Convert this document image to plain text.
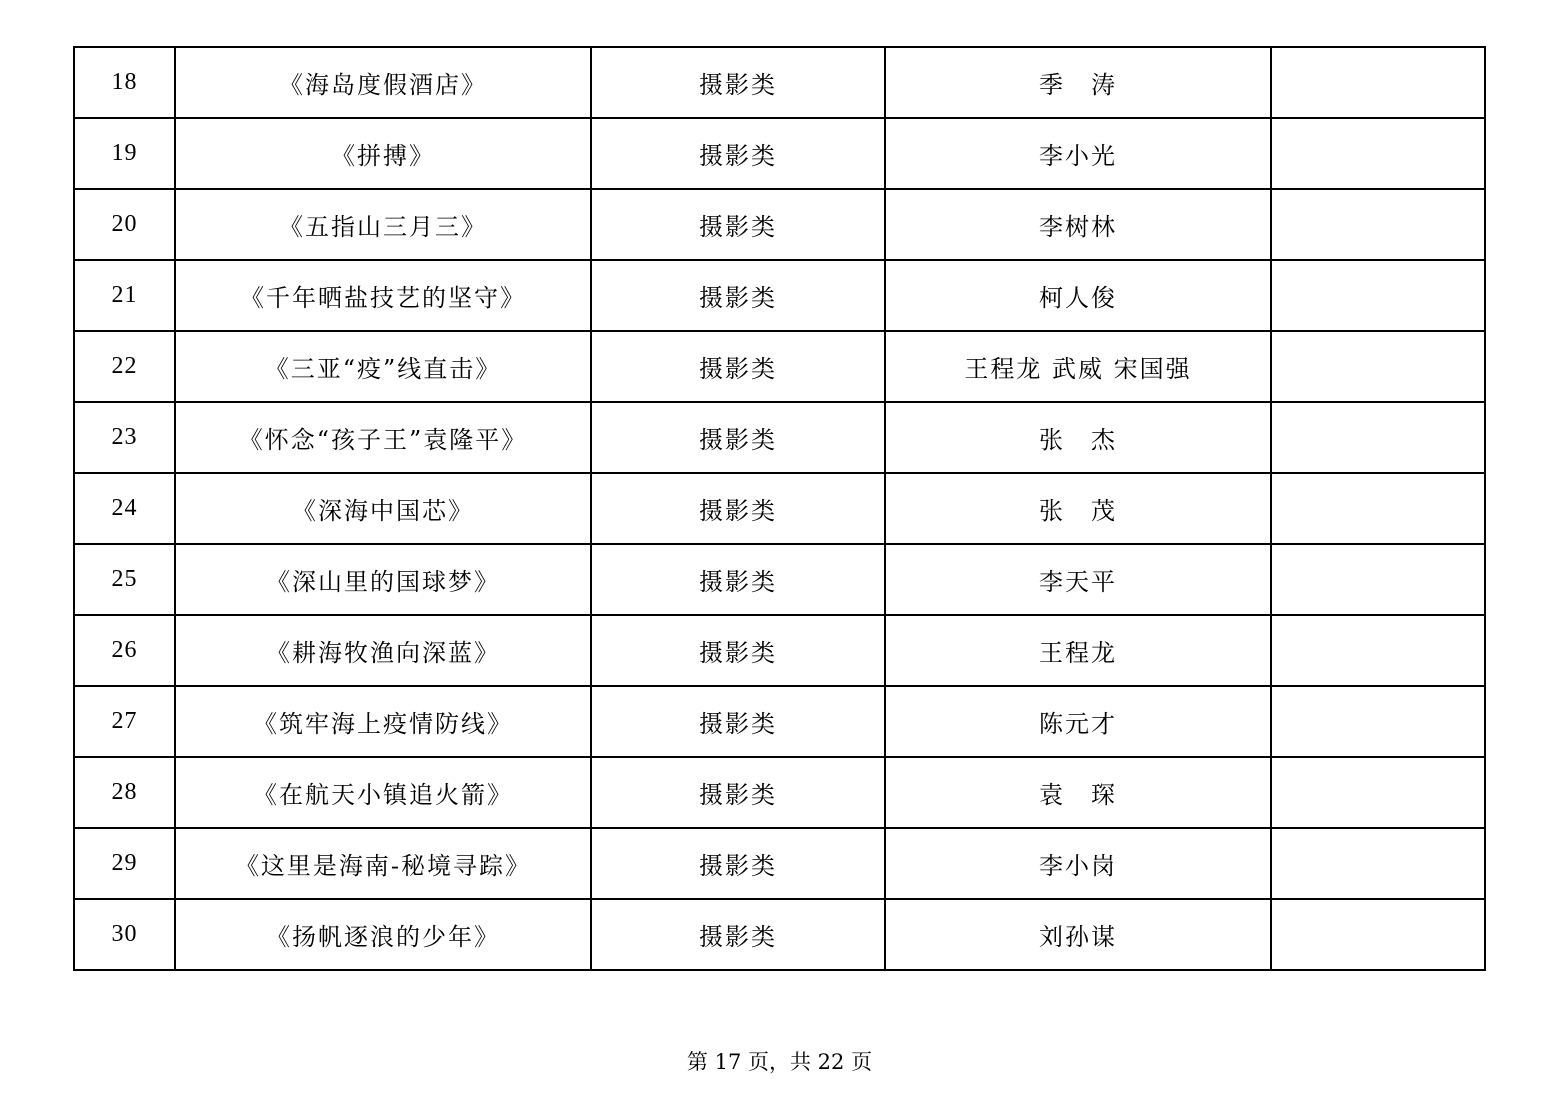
18	《海岛度假酒店》	摄影类	季　涛	
19	《拼搏》	摄影类	李小光	
20	《五指山三月三》	摄影类	李树林	
21	《千年晒盐技艺的坚守》	摄影类	柯人俊	
22	《三亚“疫”线直击》	摄影类	王程龙 武威 宋国强	
23	《怀念“孩子王”袁隆平》	摄影类	张　杰	
24	《深海中国芯》	摄影类	张　茂	
25	《深山里的国球梦》	摄影类	李天平	
26	《耕海牧渔向深蓝》	摄影类	王程龙	
27	《筑牢海上疫情防线》	摄影类	陈元才	
28	《在航天小镇追火箭》	摄影类	袁　琛	
29	《这里是海南-秘境寻踪》	摄影类	李小岗	
30	《扬帆逐浪的少年》	摄影类	刘孙谋	
第 17 页，共 22 页
